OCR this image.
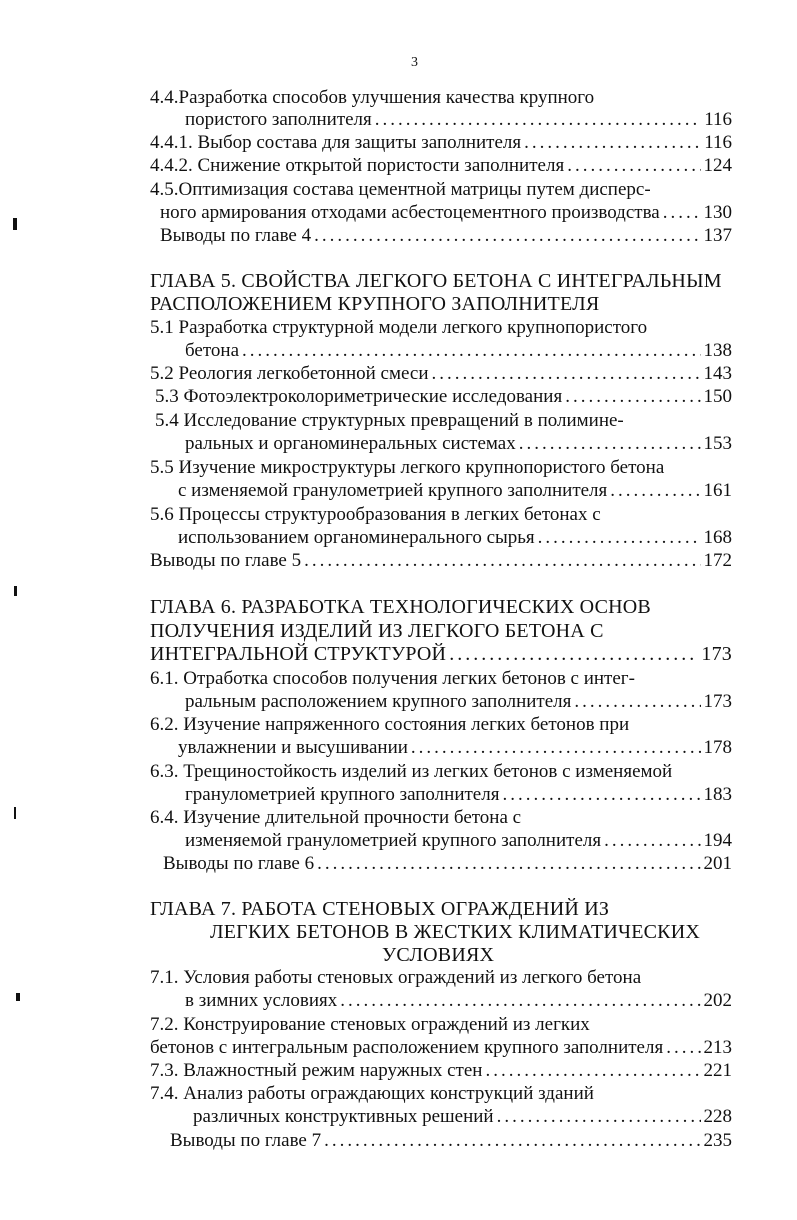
3
4.4.Разработка способов улучшения качества крупного
пористого заполнителя .....	116
4.4.1. Выбор состава для защиты заполнителя .....	116
4.4.2. Снижение открытой пористости заполнителя .....	124
4.5.Оптимизация состава цементной матрицы путем дисперс-
ного армирования отходами асбестоцементного производства ..... 130
Выводы по главе 4 .....	137
ГЛАВА 5. СВОЙСТВА ЛЕГКОГО БЕТОНА С ИНТЕГРАЛЬНЫМ
РАСПОЛОЖЕНИЕМ КРУПНОГО ЗАПОЛНИТЕЛЯ
5.1 Разработка структурной модели легкого крупнопористого
бетона .....	138
5.2 Реология легкобетонной смеси .....	143
5.3 Фотоэлектроколориметрические исследования .....	150
5.4 Исследование структурных превращений в полимине-
ральных и органоминеральных системах .....	153
5.5 Изучение микроструктуры легкого крупнопористого бетона
с изменяемой гранулометрией крупного заполнителя .....	161
5.6 Процессы структурообразования в легких бетонах с
использованием органоминерального сырья .....	168
Выводы по главе 5 .....	172
ГЛАВА 6. РАЗРАБОТКА ТЕХНОЛОГИЧЕСКИХ ОСНОВ
ПОЛУЧЕНИЯ ИЗДЕЛИЙ ИЗ ЛЕГКОГО БЕТОНА С
ИНТЕГРАЛЬНОЙ СТРУКТУРОЙ .....	173
6.1. Отработка способов получения легких бетонов с интег-
ральным расположением крупного заполнителя .....	173
6.2. Изучение напряженного состояния легких бетонов при
увлажнении и высушивании .....	178
6.3. Трещиностойкость изделий из легких бетонов с изменяемой
гранулометрией крупного заполнителя .....	183
6.4. Изучение длительной прочности бетона с
изменяемой гранулометрией крупного заполнителя .....	194
Выводы по главе 6 .....	201
ГЛАВА 7. РАБОТА СТЕНОВЫХ ОГРАЖДЕНИЙ ИЗ
ЛЕГКИХ БЕТОНОВ В ЖЕСТКИХ КЛИМАТИЧЕСКИХ
УСЛОВИЯХ
7.1. Условия работы стеновых ограждений из легкого бетона
в зимних условиях .....	202
7.2. Конструирование стеновых ограждений из легких
бетонов с интегральным расположением крупного заполнителя ..... 213
7.3. Влажностный режим наружных стен .....	221
7.4. Анализ работы ограждающих конструкций зданий
различных конструктивных решений .....	228
Выводы по главе 7 .....	235
